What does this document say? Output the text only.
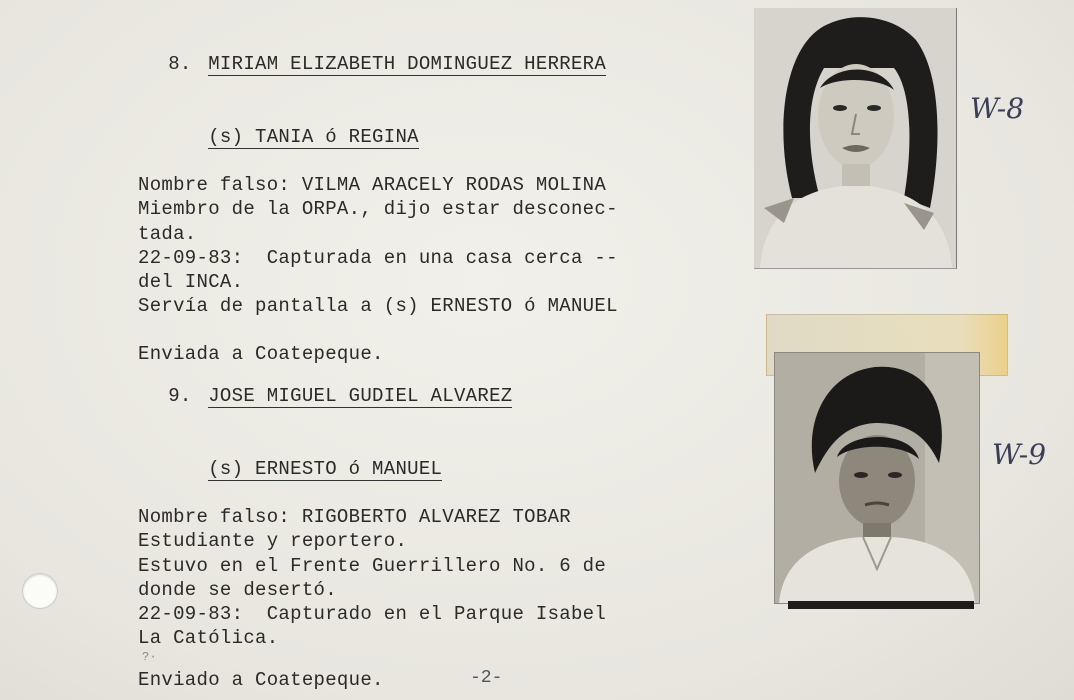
8. MIRIAM ELIZABETH DOMINGUEZ HERRERA

(s) TANIA ó REGINA

Nombre falso: VILMA ARACELY RODAS MOLINA
Miembro de la ORPA., dijo estar desconec-
tada.
22-09-83:  Capturada en una casa cerca --
del INCA.
Servía de pantalla a (s) ERNESTO ó MANUEL
Enviada a Coatepeque.
W-8

9. JOSE MIGUEL GUDIEL ALVAREZ

(s) ERNESTO ó MANUEL

Nombre falso: RIGOBERTO ALVAREZ TOBAR
Estudiante y reportero.
Estuvo en el Frente Guerrillero No. 6 de
donde se desertó.
22-09-83:  Capturado en el Parque Isabel
La Católica.
?·
Enviado a Coatepeque.
W-9
-2-
